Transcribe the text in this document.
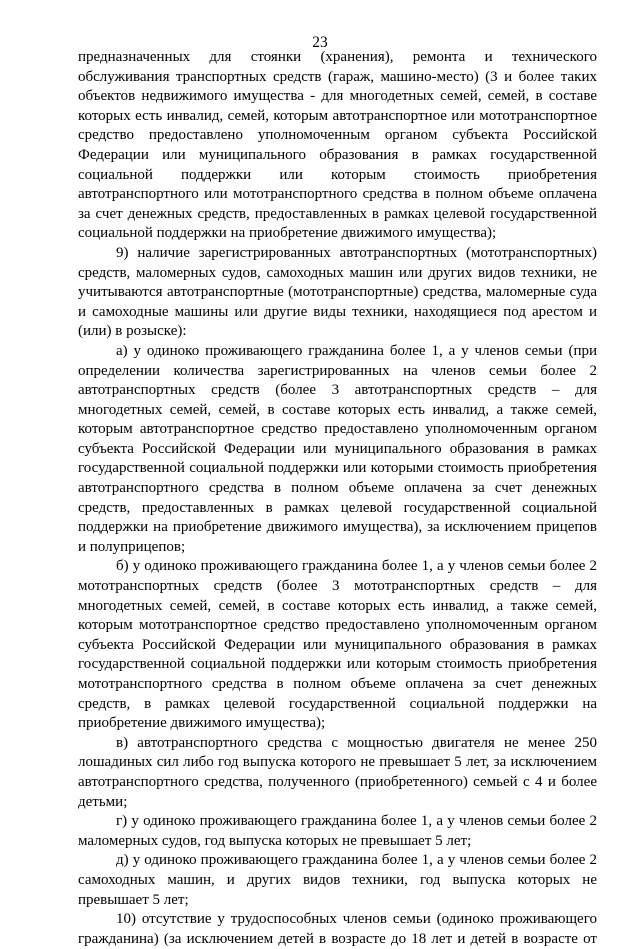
23

предназначенных для стоянки (хранения), ремонта и технического обслуживания транспортных средств (гараж, машино-место) (3 и более таких объектов недвижимого имущества - для многодетных семей, семей, в составе которых есть инвалид, семей, которым автотранспортное или мототранспортное средство предоставлено уполномоченным органом субъекта Российской Федерации или муниципального образования в рамках государственной социальной поддержки или которым стоимость приобретения автотранспортного или мототранспортного средства в полном объеме оплачена за счет денежных средств, предоставленных в рамках целевой государственной социальной поддержки на приобретение движимого имущества);

9) наличие зарегистрированных автотранспортных (мототранспортных) средств, маломерных судов, самоходных машин или других видов техники, не учитываются автотранспортные (мототранспортные) средства, маломерные суда и самоходные машины или другие виды техники, находящиеся под арестом и (или) в розыске):

а) у одиноко проживающего гражданина более 1, а у членов семьи (при определении количества зарегистрированных на членов семьи более 2 автотранспортных средств (более 3 автотранспортных средств – для многодетных семей, семей, в составе которых есть инвалид, а также семей, которым автотранспортное средство предоставлено уполномоченным органом субъекта Российской Федерации или муниципального образования в рамках государственной социальной поддержки или которыми стоимость приобретения автотранспортного средства в полном объеме оплачена за счет денежных средств, предоставленных в рамках целевой государственной социальной поддержки на приобретение движимого имущества), за исключением прицепов и полуприцепов;

б) у одиноко проживающего гражданина более 1, а у членов семьи более 2 мототранспортных средств (более 3 мототранспортных средств – для многодетных семей, семей, в составе которых есть инвалид, а также семей, которым мототранспортное средство предоставлено уполномоченным органом субъекта Российской Федерации или муниципального образования в рамках государственной социальной поддержки или которым стоимость приобретения мототранспортного средства в полном объеме оплачена за счет денежных средств, в рамках целевой государственной социальной поддержки на приобретение движимого имущества);

в) автотранспортного средства с мощностью двигателя не менее 250 лошадиных сил либо год выпуска которого не превышает 5 лет, за исключением автотранспортного средства, полученного (приобретенного) семьей с 4 и более детьми;

г) у одиноко проживающего гражданина более 1, а у членов семьи более 2 маломерных судов, год выпуска которых не превышает 5 лет;

д) у одиноко проживающего гражданина более 1, а у членов семьи более 2 самоходных машин, и других видов техники, год выпуска которых не превышает 5 лет;

10) отсутствие у трудоспособных членов семьи (одиноко проживающего гражданина) (за исключением детей в возрасте до 18 лет и детей в возрасте от
